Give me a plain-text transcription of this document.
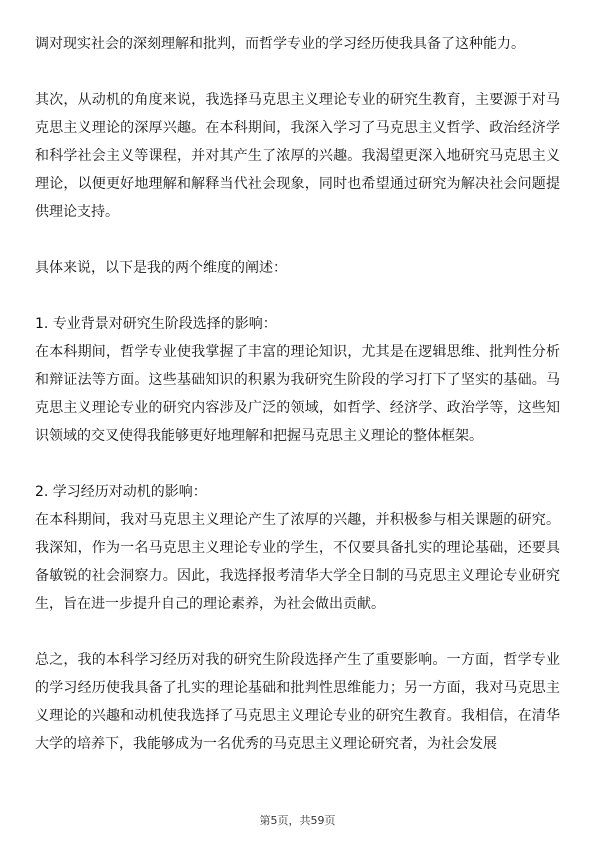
调对现实社会的深刻理解和批判，而哲学专业的学习经历使我具备了这种能力。

其次，从动机的角度来说，我选择马克思主义理论专业的研究生教育，主要源于对马克思主义理论的深厚兴趣。在本科期间，我深入学习了马克思主义哲学、政治经济学和科学社会主义等课程，并对其产生了浓厚的兴趣。我渴望更深入地研究马克思主义理论，以便更好地理解和解释当代社会现象，同时也希望通过研究为解决社会问题提供理论支持。

具体来说，以下是我的两个维度的阐述：

1. 专业背景对研究生阶段选择的影响：
在本科期间，哲学专业使我掌握了丰富的理论知识，尤其是在逻辑思维、批判性分析和辩证法等方面。这些基础知识的积累为我研究生阶段的学习打下了坚实的基础。马克思主义理论专业的研究内容涉及广泛的领域，如哲学、经济学、政治学等，这些知识领域的交叉使得我能够更好地理解和把握马克思主义理论的整体框架。

2. 学习经历对动机的影响：
在本科期间，我对马克思主义理论产生了浓厚的兴趣，并积极参与相关课题的研究。我深知，作为一名马克思主义理论专业的学生，不仅要具备扎实的理论基础，还要具备敏锐的社会洞察力。因此，我选择报考清华大学全日制的马克思主义理论专业研究生，旨在进一步提升自己的理论素养，为社会做出贡献。

总之，我的本科学习经历对我的研究生阶段选择产生了重要影响。一方面，哲学专业的学习经历使我具备了扎实的理论基础和批判性思维能力；另一方面，我对马克思主义理论的兴趣和动机使我选择了马克思主义理论专业的研究生教育。我相信，在清华大学的培养下，我能够成为一名优秀的马克思主义理论研究者，为社会发展

第5页，共59页
